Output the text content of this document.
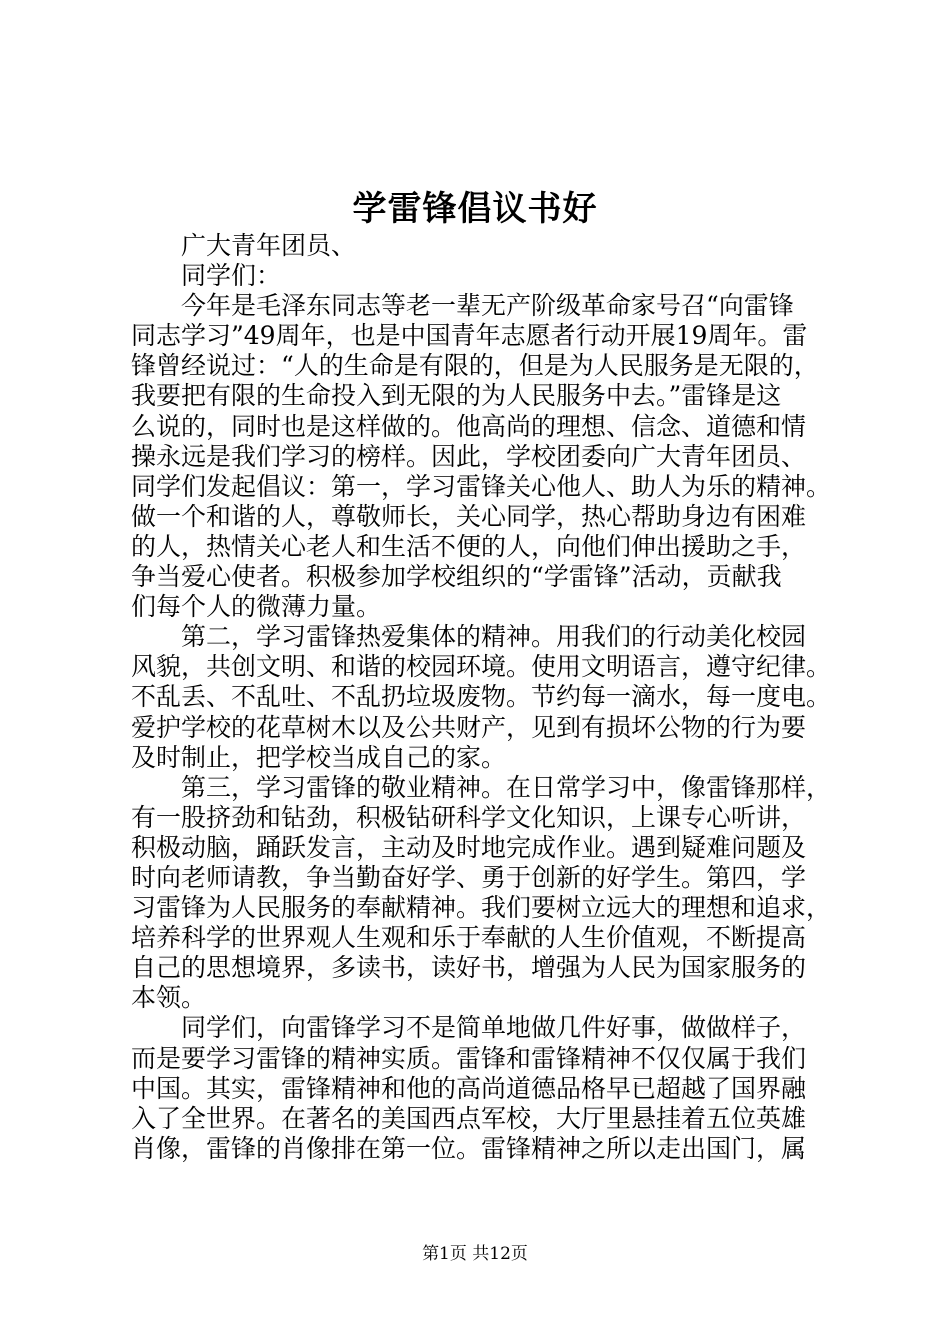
学雷锋倡议书好
广大青年团员、
同学们：
今年是毛泽东同志等老一辈无产阶级革命家号召“向雷锋
同志学习”49周年，也是中国青年志愿者行动开展19周年。雷
锋曾经说过：“人的生命是有限的，但是为人民服务是无限的，
我要把有限的生命投入到无限的为人民服务中去。”雷锋是这
么说的，同时也是这样做的。他高尚的理想、信念、道德和情
操永远是我们学习的榜样。因此，学校团委向广大青年团员、
同学们发起倡议：第一，学习雷锋关心他人、助人为乐的精神。
做一个和谐的人，尊敬师长，关心同学，热心帮助身边有困难
的人，热情关心老人和生活不便的人，向他们伸出援助之手，
争当爱心使者。积极参加学校组织的“学雷锋”活动，贡献我
们每个人的微薄力量。
第二，学习雷锋热爱集体的精神。用我们的行动美化校园
风貌，共创文明、和谐的校园环境。使用文明语言，遵守纪律。
不乱丢、不乱吐、不乱扔垃圾废物。节约每一滴水，每一度电。
爱护学校的花草树木以及公共财产，见到有损坏公物的行为要
及时制止，把学校当成自己的家。
第三，学习雷锋的敬业精神。在日常学习中，像雷锋那样，
有一股挤劲和钻劲，积极钻研科学文化知识，上课专心听讲，
积极动脑，踊跃发言，主动及时地完成作业。遇到疑难问题及
时向老师请教，争当勤奋好学、勇于创新的好学生。第四，学
习雷锋为人民服务的奉献精神。我们要树立远大的理想和追求，
培养科学的世界观人生观和乐于奉献的人生价值观，不断提高
自己的思想境界，多读书，读好书，增强为人民为国家服务的
本领。
同学们，向雷锋学习不是简单地做几件好事，做做样子，
而是要学习雷锋的精神实质。雷锋和雷锋精神不仅仅属于我们
中国。其实，雷锋精神和他的高尚道德品格早已超越了国界融
入了全世界。在著名的美国西点军校，大厅里悬挂着五位英雄
肖像，雷锋的肖像排在第一位。雷锋精神之所以走出国门，属
第1页 共12页
